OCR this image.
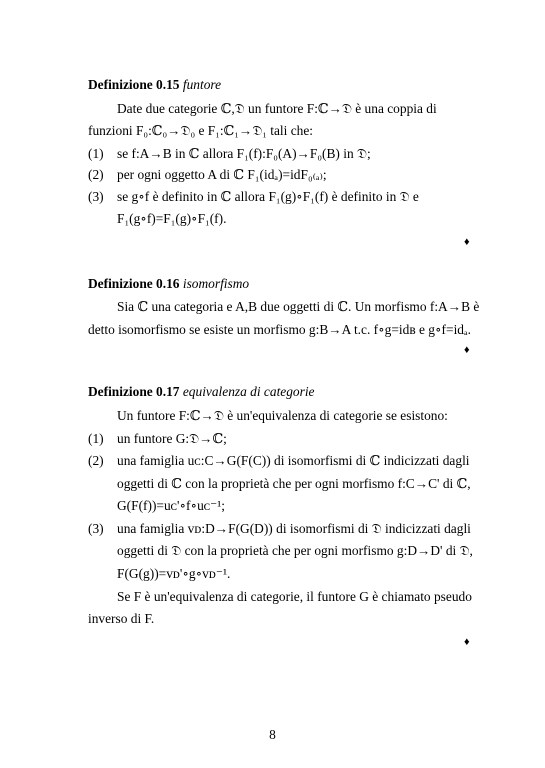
Definizione 0.15 funtore
Date due categorie ℂ,𝔇 un funtore F:ℂ→𝔇 è una coppia di
funzioni F₀:ℂ₀→𝔇₀ e F₁:ℂ₁→𝔇₁ tali che:
(1) se f:A→B in ℂ allora F₁(f):F₀(A)→F₀(B) in 𝔇;
(2) per ogni oggetto A di ℂ F₁(idₐ)=idF₀₍ₐ₎;
(3) se g∘f è definito in ℂ allora F₁(g)∘F₁(f) è definito in 𝔇 e
F₁(g∘f)=F₁(g)∘F₁(f).
♦
Definizione 0.16 isomorfismo
Sia ℂ una categoria e A,B due oggetti di ℂ. Un morfismo f:A→B è
detto isomorfismo se esiste un morfismo g:B→A t.c. f∘g=idʙ e g∘f=idₐ.
♦
Definizione 0.17 equivalenza di categorie
Un funtore F:ℂ→𝔇 è un'equivalenza di categorie se esistono:
(1) un funtore G:𝔇→ℂ;
(2) una famiglia uᴄ:C→G(F(C)) di isomorfismi di ℂ indicizzati dagli
oggetti di ℂ con la proprietà che per ogni morfismo f:C→C' di ℂ,
G(F(f))=uᴄ'∘f∘uᴄ⁻¹;
(3) una famiglia vᴅ:D→F(G(D)) di isomorfismi di 𝔇 indicizzati dagli
oggetti di 𝔇 con la proprietà che per ogni morfismo g:D→D' di 𝔇,
F(G(g))=vᴅ'∘g∘vᴅ⁻¹.
Se F è un'equivalenza di categorie, il funtore G è chiamato pseudo
inverso di F.
♦
8
